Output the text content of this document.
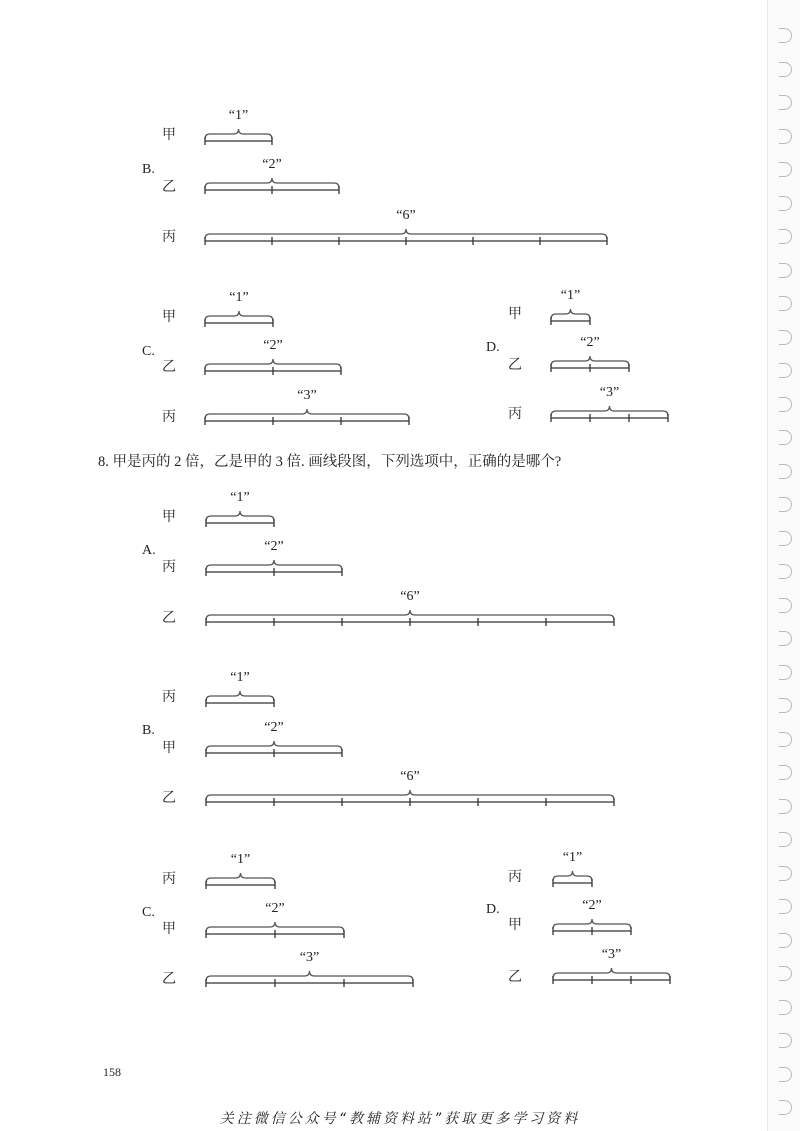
B.
C.	D.
甲
乙
丙
甲
乙
丙
甲
乙
丙
8. 甲是丙的 2 倍，乙是甲的 3 倍. 画线段图，下列选项中，正确的是哪个?
A.
B.
C.	D.
甲
丙
乙
丙
甲
乙
丙
甲
乙
丙
甲
乙
“1”
“2”
“6”
“1”
“2”
“3”
“1”
“2”
“3”
“1”
“2”
“6”
“1”
“2”
“6”
“1”
“2”
“3”
“1”
“2”
“3”
158
关注微信公众号“教辅资料站”获取更多学习资料
